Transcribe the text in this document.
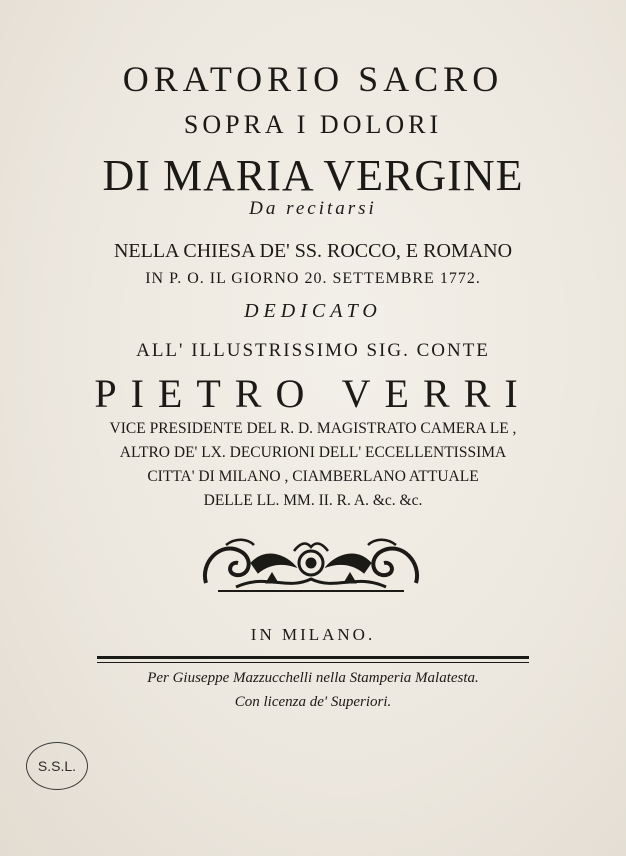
ORATORIO SACRO
SOPRA I DOLORI
DI MARIA VERGINE
Da recitarsi
NELLA CHIESA DE' SS. ROCCO, E ROMANO
IN P. O. IL GIORNO 20. SETTEMBRE 1772.
DEDICATO
ALL' ILLUSTRISSIMO SIG. CONTE
PIETRO VERRI
VICE PRESIDENTE DEL R. D. MAGISTRATO CAMERA LE ,
ALTRO DE' LX. DECURIONI DELL' ECCELLENTISSIMA
CITTA' DI MILANO , CIAMBERLANO ATTUALE
DELLE LL. MM. II. R. A. &c. &c.
IN MILANO.
Per Giuseppe Mazzucchelli nella Stamperia Malatesta.
Con licenza de' Superiori.
S.S.L.
